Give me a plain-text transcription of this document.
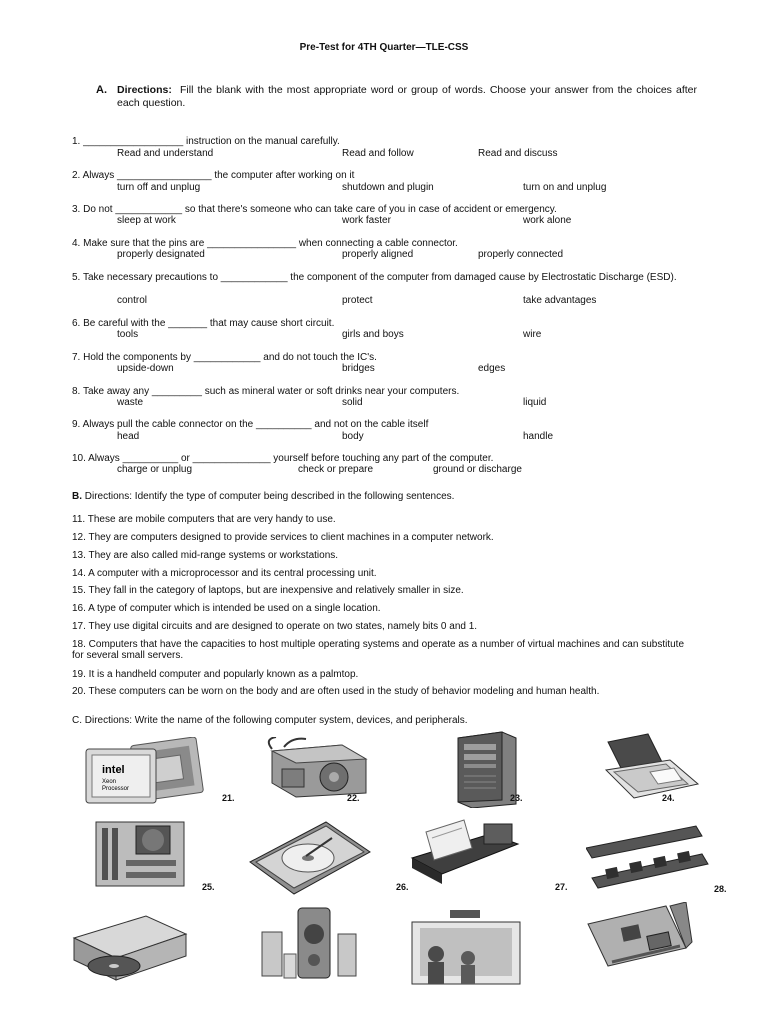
Pre-Test for 4TH Quarter—TLE-CSS
A. Directions: Fill the blank with the most appropriate word or group of words. Choose your answer from the choices after each question.
1. __________________ instruction on the manual carefully.
Read and understand	Read and follow	Read and discuss
2. Always _________________ the computer after working on it
turn off and unplug	shutdown and plugin	turn on and unplug
3. Do not ____________ so that there's someone who can take care of you in case of accident or emergency.
sleep at work	work faster	work alone
4. Make sure that the pins are ________________ when connecting a cable connector.
properly designated	properly aligned	properly connected
5. Take necessary precautions to ____________ the component of the computer from damaged cause by Electrostatic Discharge (ESD).
control	protect	take advantages
6. Be careful with the _______ that may cause short circuit.
tools	girls and boys	wire
7. Hold the components by ____________ and do not touch the IC's.
upside-down	bridges	edges
8. Take away any _________ such as mineral water or soft drinks near your computers.
waste	solid	liquid
9. Always pull the cable connector on the __________ and not on the cable itself
head	body	handle
10. Always __________ or ______________ yourself before touching any part of the computer.
charge or unplug	check or prepare	ground or discharge
B. Directions: Identify the type of computer being described in the following sentences.
11. These are mobile computers that are very handy to use.
12. They are computers designed to provide services to client machines in a computer network.
13. They are also called mid-range systems or workstations.
14. A computer with a microprocessor and its central processing unit.
15. They fall in the category of laptops, but are inexpensive and relatively smaller in size.
16. A type of computer which is intended be used on a single location.
17. They use digital circuits and are designed to operate on two states, namely bits 0 and 1.
18. Computers that have the capacities to host multiple operating systems and operate as a number of virtual machines and can substitute for several small servers.
19. It is a handheld computer and popularly known as a palmtop.
20. These computers can be worn on the body and are often used in the study of behavior modeling and human health.
C. Directions: Write the name of the following computer system, devices, and peripherals.
intel
Xeon
Processor
21.	22.	23.	24.
25.	26.	27.	28.
